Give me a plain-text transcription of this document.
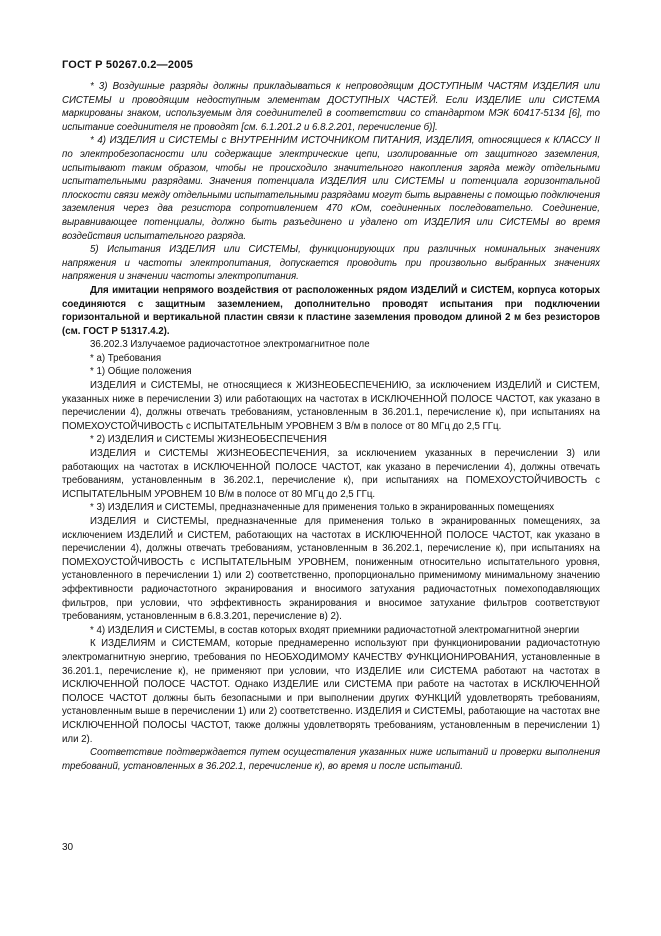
ГОСТ Р 50267.0.2—2005

* 3) Воздушные разряды должны прикладываться к непроводящим ДОСТУПНЫМ ЧАСТЯМ ИЗДЕЛИЯ или СИСТЕМЫ и проводящим недоступным элементам ДОСТУПНЫХ ЧАСТЕЙ. Если ИЗДЕЛИЕ или СИСТЕМА маркированы знаком, используемым для соединителей в соответствии со стандартом МЭК 60417-5134 [6], то испытание соединителя не проводят [см. 6.1.201.2 и 6.8.2.201, перечисление б)].

* 4) ИЗДЕЛИЯ и СИСТЕМЫ с ВНУТРЕННИМ ИСТОЧНИКОМ ПИТАНИЯ, ИЗДЕЛИЯ, относящиеся к КЛАССУ II по электробезопасности или содержащие электрические цепи, изолированные от защитного заземления, испытывают таким образом, чтобы не происходило значительного накопления заряда между отдельными испытательными разрядами. Значения потенциала ИЗДЕЛИЯ или СИСТЕМЫ и потенциала горизонтальной плоскости связи между отдельными испытательными разрядами могут быть выравнены с помощью подключения заземления через два резистора сопротивлением 470 кОм, соединенных последовательно. Соединение, выравнивающее потенциалы, должно быть разъединено и удалено от ИЗДЕЛИЯ или СИСТЕМЫ во время воздействия испытательного разряда.

5) Испытания ИЗДЕЛИЯ или СИСТЕМЫ, функционирующих при различных номинальных значениях напряжения и частоты электропитания, допускается проводить при произвольно выбранных значениях напряжения и значении частоты электропитания.

Для имитации непрямого воздействия от расположенных рядом ИЗДЕЛИЙ и СИСТЕМ, корпуса которых соединяются с защитным заземлением, дополнительно проводят испытания при подключении горизонтальной и вертикальной пластин связи к пластине заземления проводом длиной 2 м без резисторов (см. ГОСТ Р 51317.4.2).

36.202.3 Излучаемое радиочастотное электромагнитное поле

* а) Требования

* 1) Общие положения

ИЗДЕЛИЯ и СИСТЕМЫ, не относящиеся к ЖИЗНЕОБЕСПЕЧЕНИЮ, за исключением ИЗДЕЛИЙ и СИСТЕМ, указанных ниже в перечислении 3) или работающих на частотах в ИСКЛЮЧЕННОЙ ПОЛОСЕ ЧАСТОТ, как указано в перечислении 4), должны отвечать требованиям, установленным в 36.201.1, перечисление к), при испытаниях на ПОМЕХОУСТОЙЧИВОСТЬ с ИСПЫТАТЕЛЬНЫМ УРОВНЕМ 3 В/м в полосе от 80 МГц до 2,5 ГГц.

* 2) ИЗДЕЛИЯ и СИСТЕМЫ ЖИЗНЕОБЕСПЕЧЕНИЯ

ИЗДЕЛИЯ и СИСТЕМЫ ЖИЗНЕОБЕСПЕЧЕНИЯ, за исключением указанных в перечислении 3) или работающих на частотах в ИСКЛЮЧЕННОЙ ПОЛОСЕ ЧАСТОТ, как указано в перечислении 4), должны отвечать требованиям, установленным в 36.202.1, перечисление к), при испытаниях на ПОМЕХОУСТОЙЧИВОСТЬ с ИСПЫТАТЕЛЬНЫМ УРОВНЕМ 10 В/м в полосе от 80 МГц до 2,5 ГГц.

* 3) ИЗДЕЛИЯ и СИСТЕМЫ, предназначенные для применения только в экранированных помещениях

ИЗДЕЛИЯ и СИСТЕМЫ, предназначенные для применения только в экранированных помещениях, за исключением ИЗДЕЛИЙ и СИСТЕМ, работающих на частотах в ИСКЛЮЧЕННОЙ ПОЛОСЕ ЧАСТОТ, как указано в перечислении 4), должны отвечать требованиям, установленным в 36.202.1, перечисление к), при испытаниях на ПОМЕХОУСТОЙЧИВОСТЬ с ИСПЫТАТЕЛЬНЫМ УРОВНЕМ, пониженным относительно испытательного уровня, установленного в перечислении 1) или 2) соответственно, пропорционально применимому минимальному значению эффективности радиочастотного экранирования и вносимого затухания радиочастотных помехоподавляющих фильтров, при условии, что эффективность экранирования и вносимое затухание фильтров соответствуют требованиям, установленным в 6.8.3.201, перечисление в) 2).

* 4) ИЗДЕЛИЯ и СИСТЕМЫ, в состав которых входят приемники радиочастотной электромагнитной энергии

К ИЗДЕЛИЯМ и СИСТЕМАМ, которые преднамеренно используют при функционировании радиочастотную электромагнитную энергию, требования по НЕОБХОДИМОМУ КАЧЕСТВУ ФУНКЦИОНИРОВАНИЯ, установленные в 36.201.1, перечисление к), не применяют при условии, что ИЗДЕЛИЕ или СИСТЕМА работают на частотах в ИСКЛЮЧЕННОЙ ПОЛОСЕ ЧАСТОТ. Однако ИЗДЕЛИЕ или СИСТЕМА при работе на частотах в ИСКЛЮЧЕННОЙ ПОЛОСЕ ЧАСТОТ должны быть безопасными и при выполнении других ФУНКЦИЙ удовлетворять требованиям, установленным выше в перечислении 1) или 2) соответственно. ИЗДЕЛИЯ и СИСТЕМЫ, работающие на частотах вне ИСКЛЮЧЕННОЙ ПОЛОСЫ ЧАСТОТ, также должны удовлетворять требованиям, установленным в перечислении 1) или 2).

Соответствие подтверждается путем осуществления указанных ниже испытаний и проверки выполнения требований, установленных в 36.202.1, перечисление к), во время и после испытаний.

30
